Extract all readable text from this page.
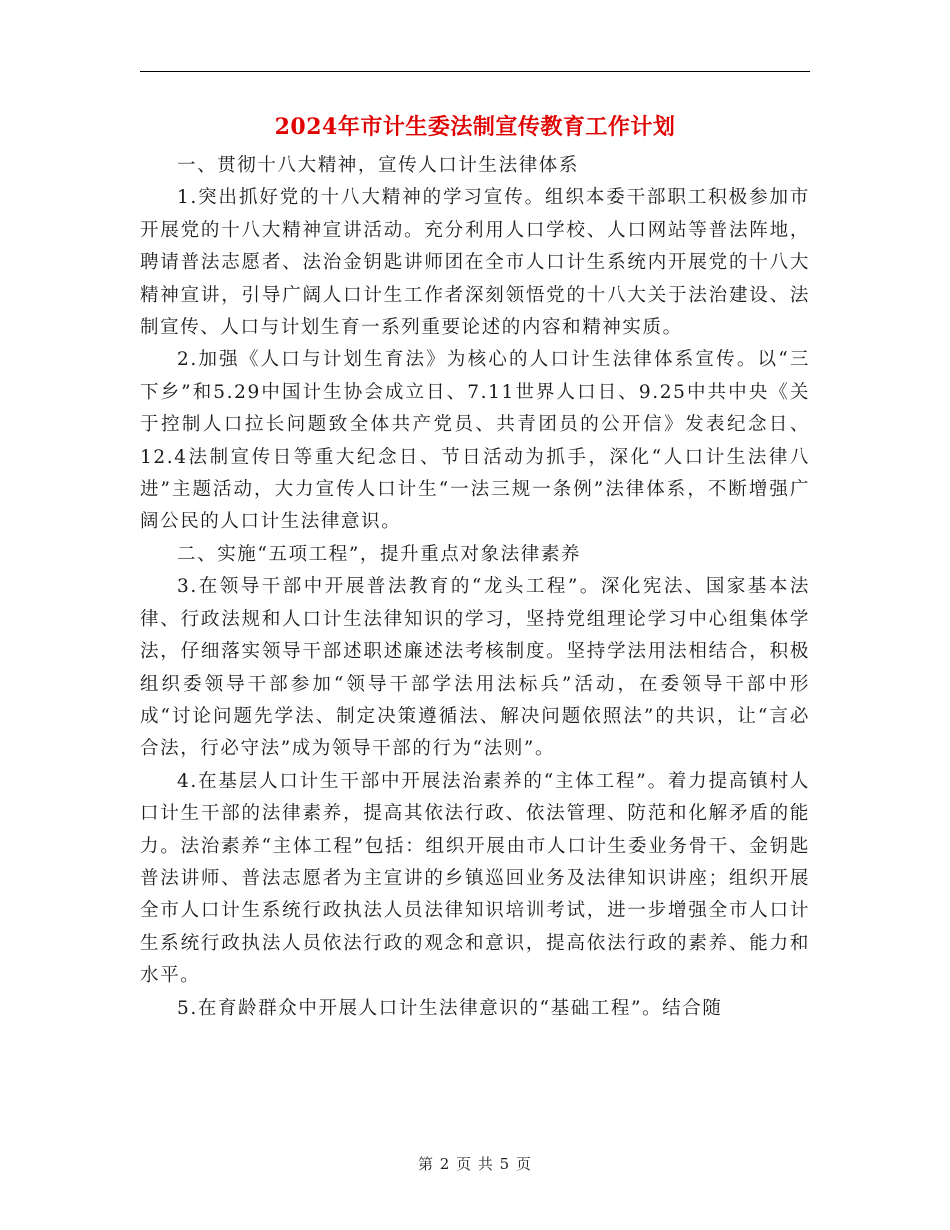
2024年市计生委法制宣传教育工作计划

一、贯彻十八大精神，宣传人口计生法律体系

1.突出抓好党的十八大精神的学习宣传。组织本委干部职工积极参加市开展党的十八大精神宣讲活动。充分利用人口学校、人口网站等普法阵地，聘请普法志愿者、法治金钥匙讲师团在全市人口计生系统内开展党的十八大精神宣讲，引导广阔人口计生工作者深刻领悟党的十八大关于法治建设、法制宣传、人口与计划生育一系列重要论述的内容和精神实质。

2.加强《人口与计划生育法》为核心的人口计生法律体系宣传。以“三下乡”和5.29中国计生协会成立日、7.11世界人口日、9.25中共中央《关于控制人口拉长问题致全体共产党员、共青团员的公开信》发表纪念日、12.4法制宣传日等重大纪念日、节日活动为抓手，深化“人口计生法律八进”主题活动，大力宣传人口计生“一法三规一条例”法律体系，不断增强广阔公民的人口计生法律意识。

二、实施“五项工程”，提升重点对象法律素养

3.在领导干部中开展普法教育的“龙头工程”。深化宪法、国家基本法律、行政法规和人口计生法律知识的学习，坚持党组理论学习中心组集体学法，仔细落实领导干部述职述廉述法考核制度。坚持学法用法相结合，积极组织委领导干部参加“领导干部学法用法标兵”活动，在委领导干部中形成“讨论问题先学法、制定决策遵循法、解决问题依照法”的共识，让“言必合法，行必守法”成为领导干部的行为“法则”。

4.在基层人口计生干部中开展法治素养的“主体工程”。着力提高镇村人口计生干部的法律素养，提高其依法行政、依法管理、防范和化解矛盾的能力。法治素养“主体工程”包括：组织开展由市人口计生委业务骨干、金钥匙普法讲师、普法志愿者为主宣讲的乡镇巡回业务及法律知识讲座；组织开展全市人口计生系统行政执法人员法律知识培训考试，进一步增强全市人口计生系统行政执法人员依法行政的观念和意识，提高依法行政的素养、能力和水平。

5.在育龄群众中开展人口计生法律意识的“基础工程”。结合随

第 2 页 共 5 页
